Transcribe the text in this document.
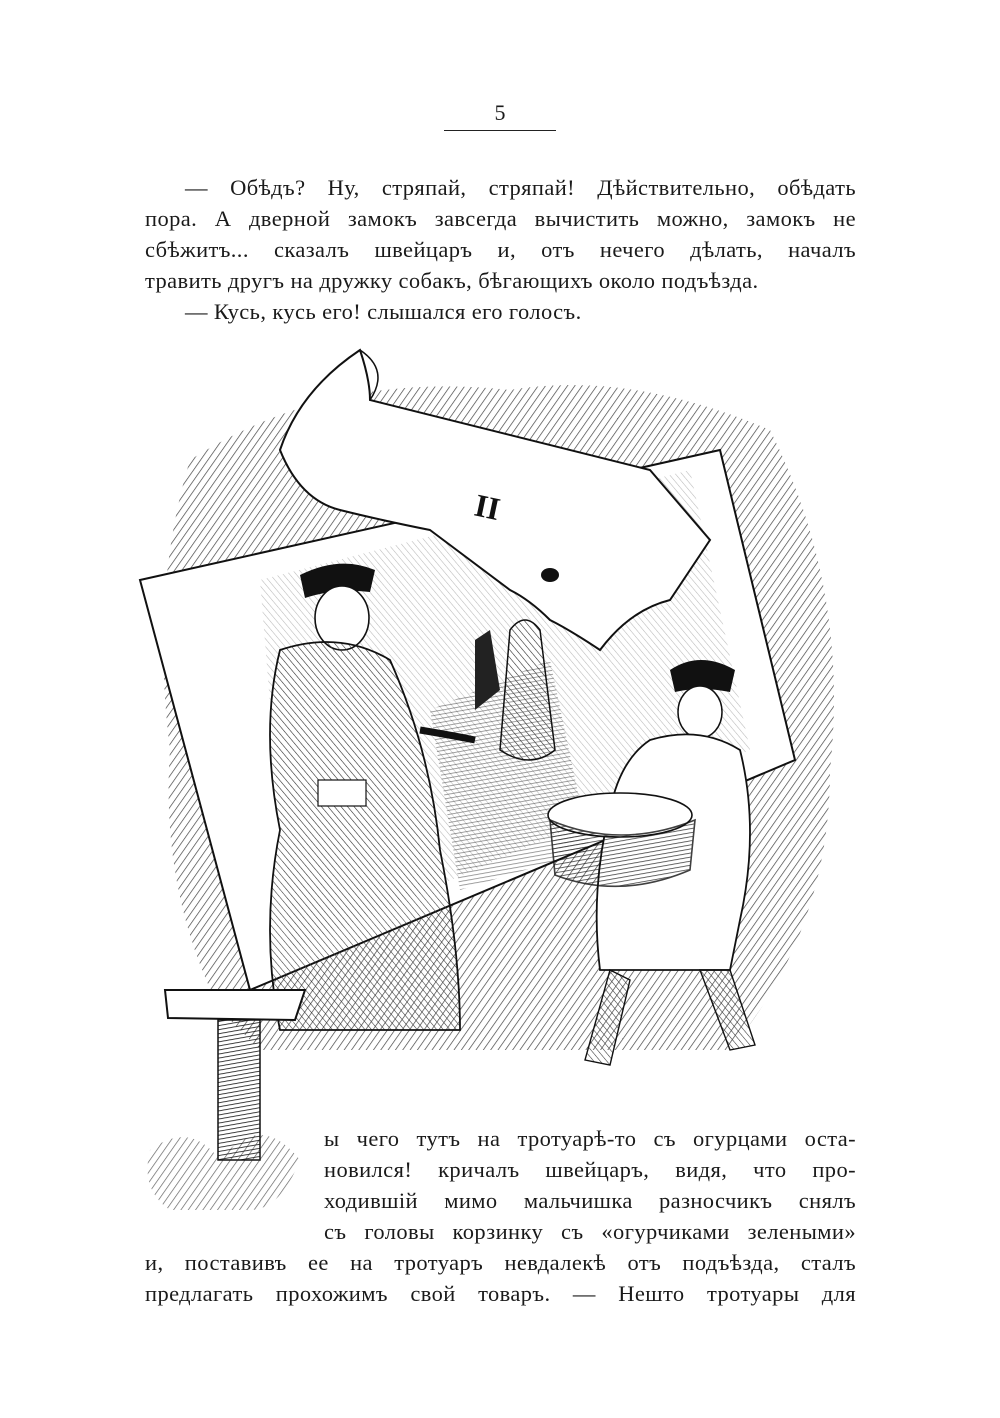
5
— Обѣдъ? Ну, стряпай, стряпай! Дѣйствительно, обѣдать
пора. А дверной замокъ завсегда вычистить можно, замокъ не
сбѣжитъ... сказалъ швейцаръ и, отъ нечего дѣлать, началъ
травить другъ на дружку собакъ, бѣгающихъ около подъѣзда.
— Кусь, кусь его! слышался его голосъ.
II
ы чего тутъ на тротуарѣ-то съ огурцами оста-
новился! кричалъ швейцаръ, видя, что про-
ходившій мимо мальчишка разносчикъ снялъ
съ головы корзинку съ «огурчиками зелеными»
и, поставивъ ее на тротуаръ невдалекѣ отъ подъѣзда, сталъ
предлагать прохожимъ свой товаръ. — Нешто тротуары для
